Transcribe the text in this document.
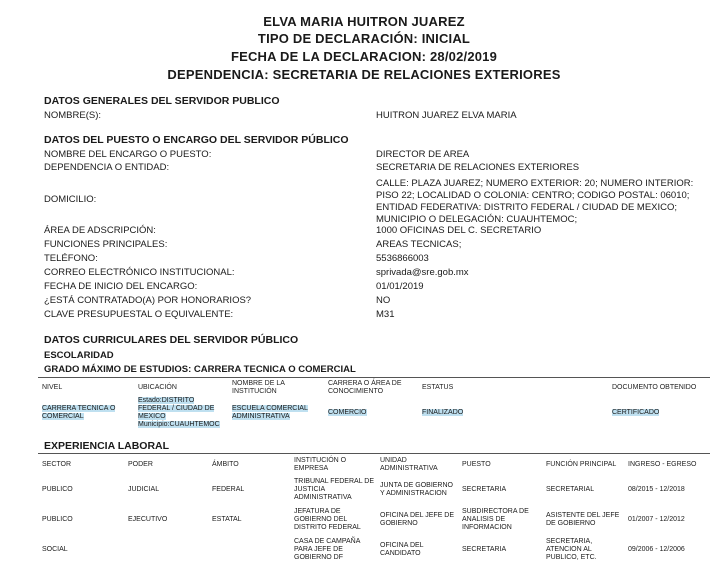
ELVA MARIA HUITRON JUAREZ
TIPO DE DECLARACIÓN: INICIAL
FECHA DE LA DECLARACION: 28/02/2019
DEPENDENCIA: SECRETARIA DE RELACIONES EXTERIORES
DATOS GENERALES DEL SERVIDOR PUBLICO
NOMBRE(S):	HUITRON JUAREZ ELVA MARIA
DATOS DEL PUESTO O ENCARGO DEL SERVIDOR PÚBLICO
NOMBRE DEL ENCARGO O PUESTO:	DIRECTOR DE AREA
DEPENDENCIA O ENTIDAD:	SECRETARIA DE RELACIONES EXTERIORES
DOMICILIO:
CALLE: PLAZA JUAREZ; NUMERO EXTERIOR: 20; NUMERO INTERIOR:
PISO 22; LOCALIDAD O COLONIA: CENTRO; CODIGO POSTAL: 06010;
ENTIDAD FEDERATIVA: DISTRITO FEDERAL / CIUDAD DE MEXICO;
MUNICIPIO O DELEGACIÓN: CUAUHTEMOC;
ÁREA DE ADSCRIPCIÓN:	1000 OFICINAS DEL C. SECRETARIO
FUNCIONES PRINCIPALES:	AREAS TECNICAS;
TELÉFONO:	5536866003
CORREO ELECTRÓNICO INSTITUCIONAL:	sprivada@sre.gob.mx
FECHA DE INICIO DEL ENCARGO:	01/01/2019
¿ESTÁ CONTRATADO(A) POR HONORARIOS?	NO
CLAVE PRESUPUESTAL O EQUIVALENTE:	M31
DATOS CURRICULARES DEL SERVIDOR PÚBLICO
ESCOLARIDAD
GRADO MÁXIMO DE ESTUDIOS: CARRERA TECNICA O COMERCIAL
NIVEL	UBICACIÓN	NOMBRE DE LA INSTITUCIÓN	CARRERA O ÁREA DE CONOCIMIENTO	ESTATUS	DOCUMENTO OBTENIDO
CARRERA TECNICA O COMERCIAL	Estado:DISTRITO FEDERAL / CIUDAD DE MEXICO Municipio:CUAUHTEMOC	ESCUELA COMERCIAL ADMINISTRATIVA	COMERCIO	FINALIZADO	CERTIFICADO
EXPERIENCIA LABORAL
SECTOR	PODER	ÁMBITO	INSTITUCIÓN O EMPRESA	UNIDAD ADMINISTRATIVA	PUESTO	FUNCIÓN PRINCIPAL	INGRESO - EGRESO
PUBLICO	JUDICIAL	FEDERAL	TRIBUNAL FEDERAL DE JUSTICIA ADMINISTRATIVA	JUNTA DE GOBIERNO Y ADMINISTRACION	SECRETARIA	SECRETARIAL	08/2015 - 12/2018
PUBLICO	EJECUTIVO	ESTATAL	JEFATURA DE GOBIERNO DEL DISTRITO FEDERAL	OFICINA DEL JEFE DE GOBIERNO	SUBDIRECTORA DE ANALISIS DE INFORMACION	ASISTENTE DEL JEFE DE GOBIERNO	01/2007 - 12/2012
SOCIAL			CASA DE CAMPAÑA PARA JEFE DE GOBIERNO DF	OFICINA DEL CANDIDATO	SECRETARIA	SECRETARIA, ATENCION AL PUBLICO, ETC.	09/2006 - 12/2006
